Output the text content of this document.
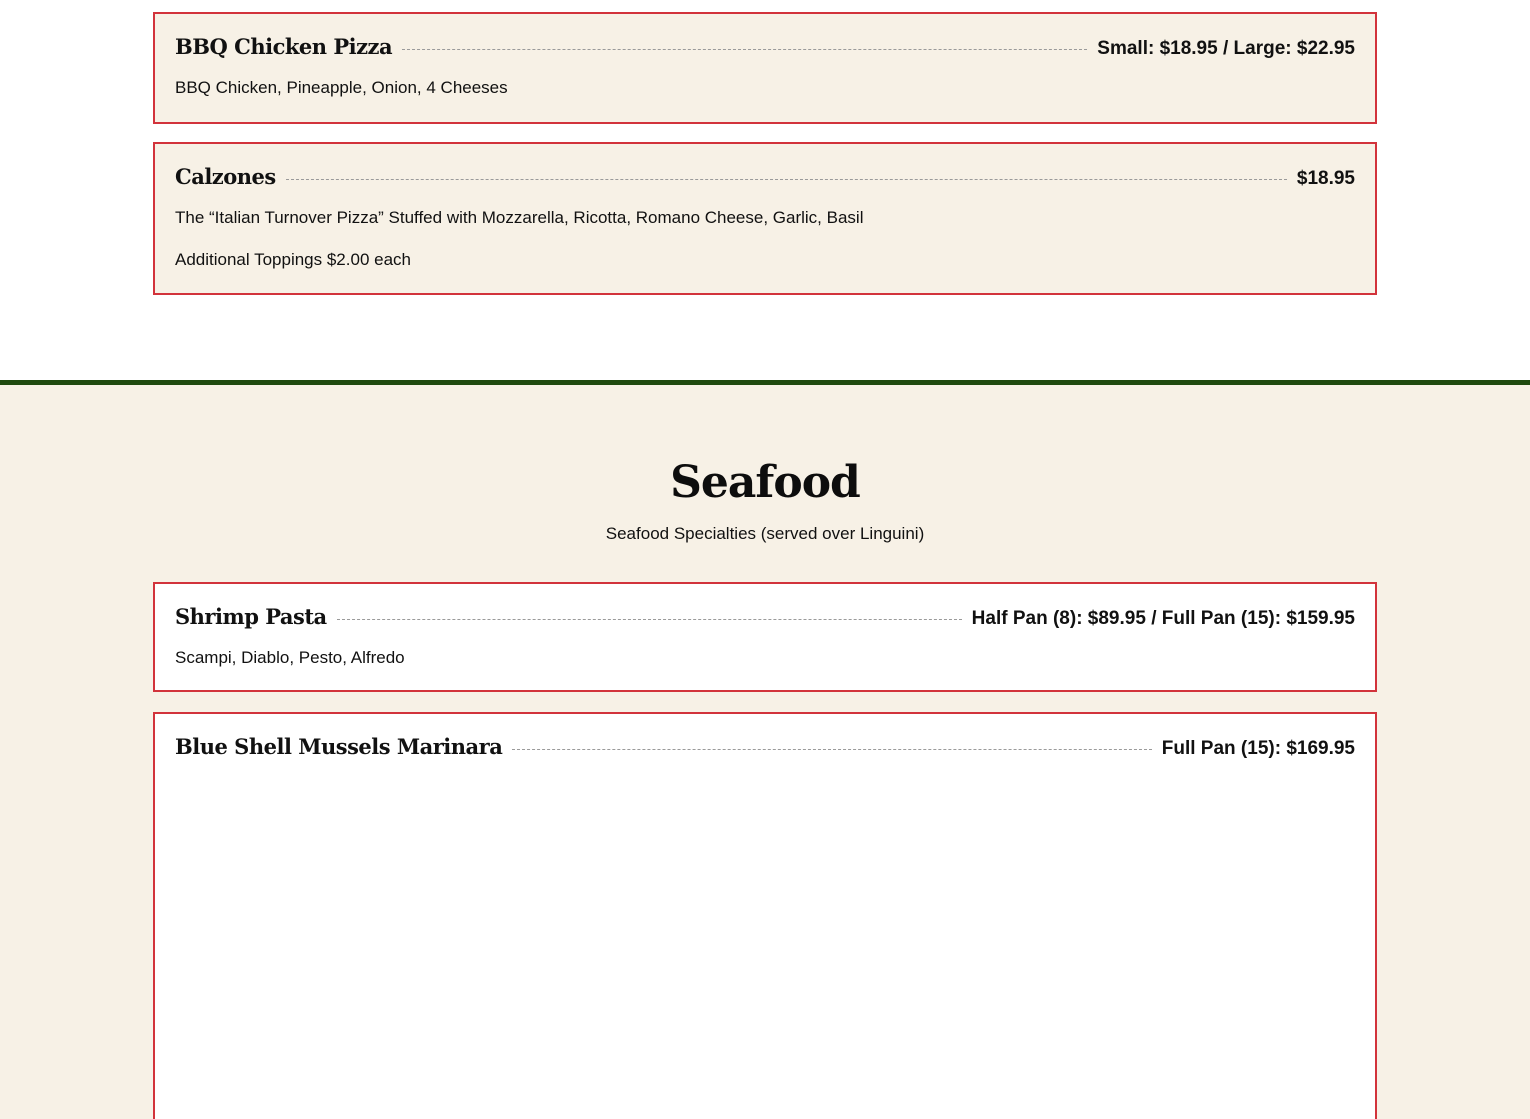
BBQ Chicken Pizza	Small: $18.95 / Large: $22.95
BBQ Chicken, Pineapple, Onion, 4 Cheeses
Calzones	$18.95
The “Italian Turnover Pizza” Stuffed with Mozzarella, Ricotta, Romano Cheese, Garlic, Basil
Additional Toppings $2.00 each
Seafood
Seafood Specialties (served over Linguini)
Shrimp Pasta	Half Pan (8): $89.95 / Full Pan (15): $159.95
Scampi, Diablo, Pesto, Alfredo
Blue Shell Mussels Marinara	Full Pan (15): $169.95
